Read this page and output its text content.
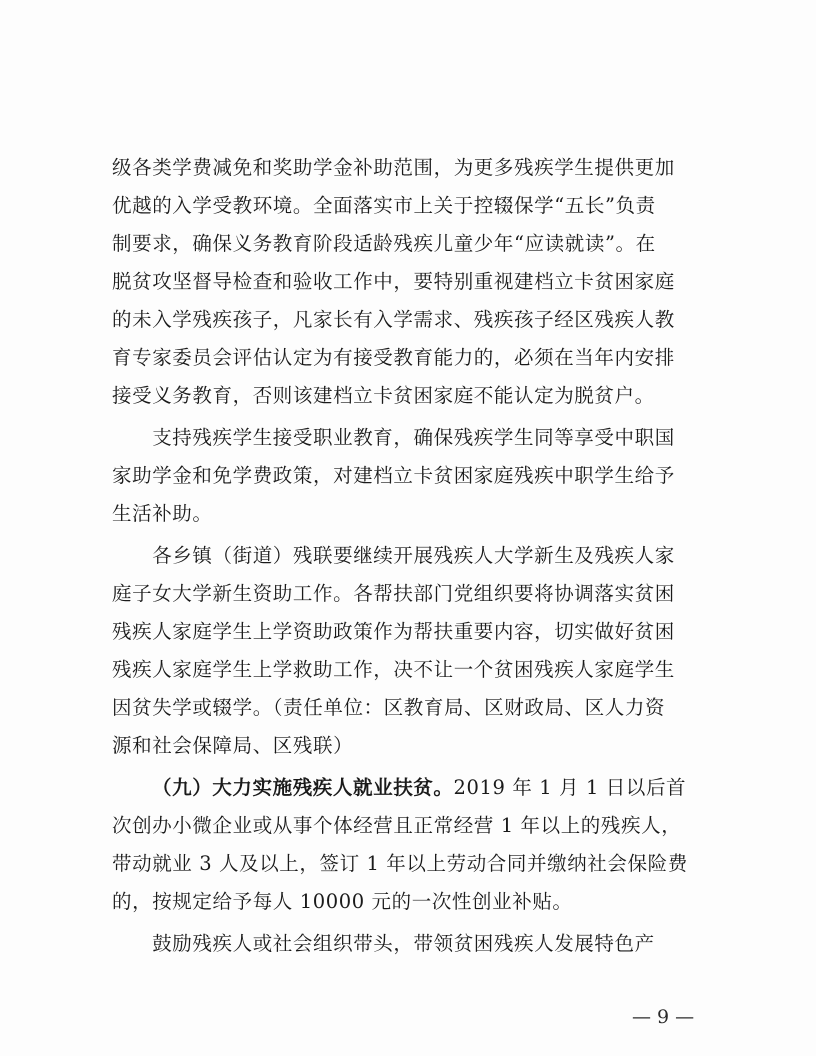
级各类学费减免和奖助学金补助范围，为更多残疾学生提供更加
优越的入学受教环境。全面落实市上关于控辍保学“五长”负责
制要求，确保义务教育阶段适龄残疾儿童少年“应读就读”。在
脱贫攻坚督导检查和验收工作中，要特别重视建档立卡贫困家庭
的未入学残疾孩子，凡家长有入学需求、残疾孩子经区残疾人教
育专家委员会评估认定为有接受教育能力的，必须在当年内安排
接受义务教育，否则该建档立卡贫困家庭不能认定为脱贫户。
　　支持残疾学生接受职业教育，确保残疾学生同等享受中职国
家助学金和免学费政策，对建档立卡贫困家庭残疾中职学生给予
生活补助。
　　各乡镇（街道）残联要继续开展残疾人大学新生及残疾人家
庭子女大学新生资助工作。各帮扶部门党组织要将协调落实贫困
残疾人家庭学生上学资助政策作为帮扶重要内容，切实做好贫困
残疾人家庭学生上学救助工作，决不让一个贫困残疾人家庭学生
因贫失学或辍学。（责任单位：区教育局、区财政局、区人力资
源和社会保障局、区残联）
（九）大力实施残疾人就业扶贫。2019 年 1 月 1 日以后首
次创办小微企业或从事个体经营且正常经营 1 年以上的残疾人，
带动就业 3 人及以上，签订 1 年以上劳动合同并缴纳社会保险费
的，按规定给予每人 10000 元的一次性创业补贴。
　　鼓励残疾人或社会组织带头，带领贫困残疾人发展特色产
— 9 —
